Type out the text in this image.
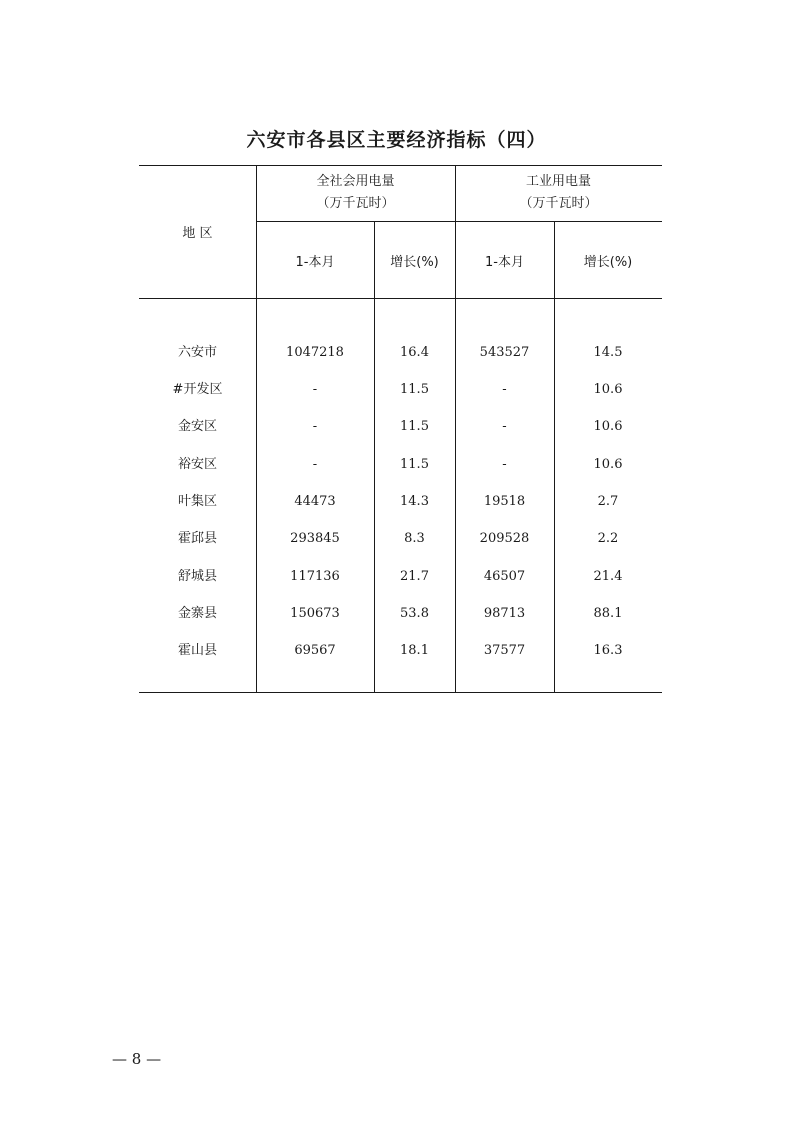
六安市各县区主要经济指标（四）
地 区
全社会用电量
（万千瓦时）
工业用电量
（万千瓦时）
1-本月	增长(%)	1-本月	增长(%)
六安市	1047218	16.4	543527	14.5
#开发区	-	11.5	-	10.6
金安区	-	11.5	-	10.6
裕安区	-	11.5	-	10.6
叶集区	44473	14.3	19518	2.7
霍邱县	293845	8.3	209528	2.2
舒城县	117136	21.7	46507	21.4
金寨县	150673	53.8	98713	88.1
霍山县	69567	18.1	37577	16.3
— 8 —
